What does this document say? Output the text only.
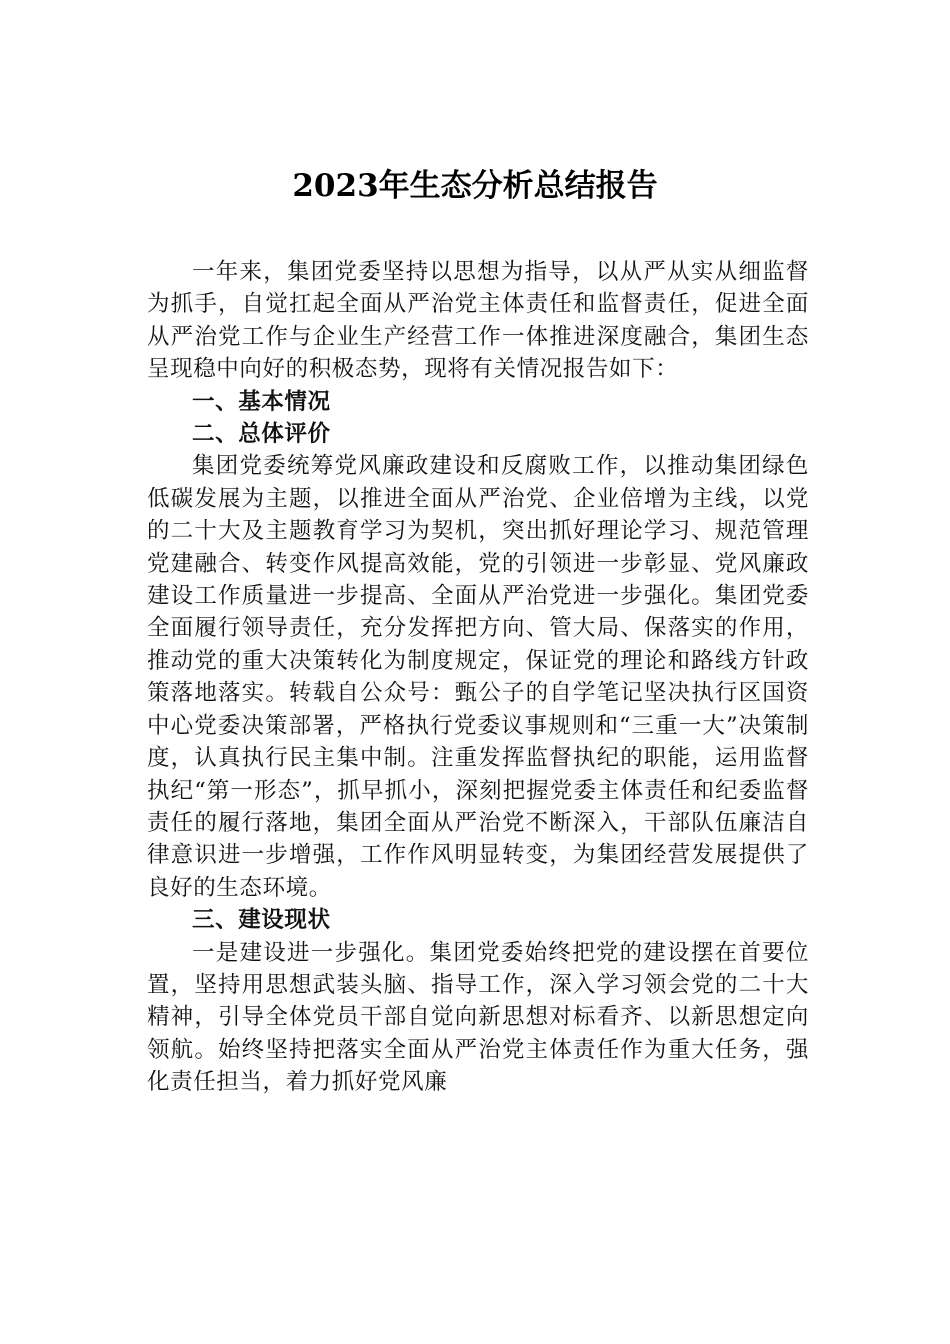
2023年生态分析总结报告

一年来，集团党委坚持以思想为指导，以从严从实从细监督为抓手，自觉扛起全面从严治党主体责任和监督责任，促进全面从严治党工作与企业生产经营工作一体推进深度融合，集团生态呈现稳中向好的积极态势，现将有关情况报告如下：

一、基本情况

二、总体评价

集团党委统筹党风廉政建设和反腐败工作，以推动集团绿色低碳发展为主题，以推进全面从严治党、企业倍增为主线，以党的二十大及主题教育学习为契机，突出抓好理论学习、规范管理党建融合、转变作风提高效能，党的引领进一步彰显、党风廉政建设工作质量进一步提高、全面从严治党进一步强化。集团党委全面履行领导责任，充分发挥把方向、管大局、保落实的作用，推动党的重大决策转化为制度规定，保证党的理论和路线方针政策落地落实。转载自公众号：甄公子的自学笔记坚决执行区国资中心党委决策部署，严格执行党委议事规则和“三重一大”决策制度，认真执行民主集中制。注重发挥监督执纪的职能，运用监督执纪“第一形态”，抓早抓小，深刻把握党委主体责任和纪委监督责任的履行落地，集团全面从严治党不断深入，干部队伍廉洁自律意识进一步增强，工作作风明显转变，为集团经营发展提供了良好的生态环境。

三、建设现状

一是建设进一步强化。集团党委始终把党的建设摆在首要位置，坚持用思想武装头脑、指导工作，深入学习领会党的二十大精神，引导全体党员干部自觉向新思想对标看齐、以新思想定向领航。始终坚持把落实全面从严治党主体责任作为重大任务，强化责任担当，着力抓好党风廉
